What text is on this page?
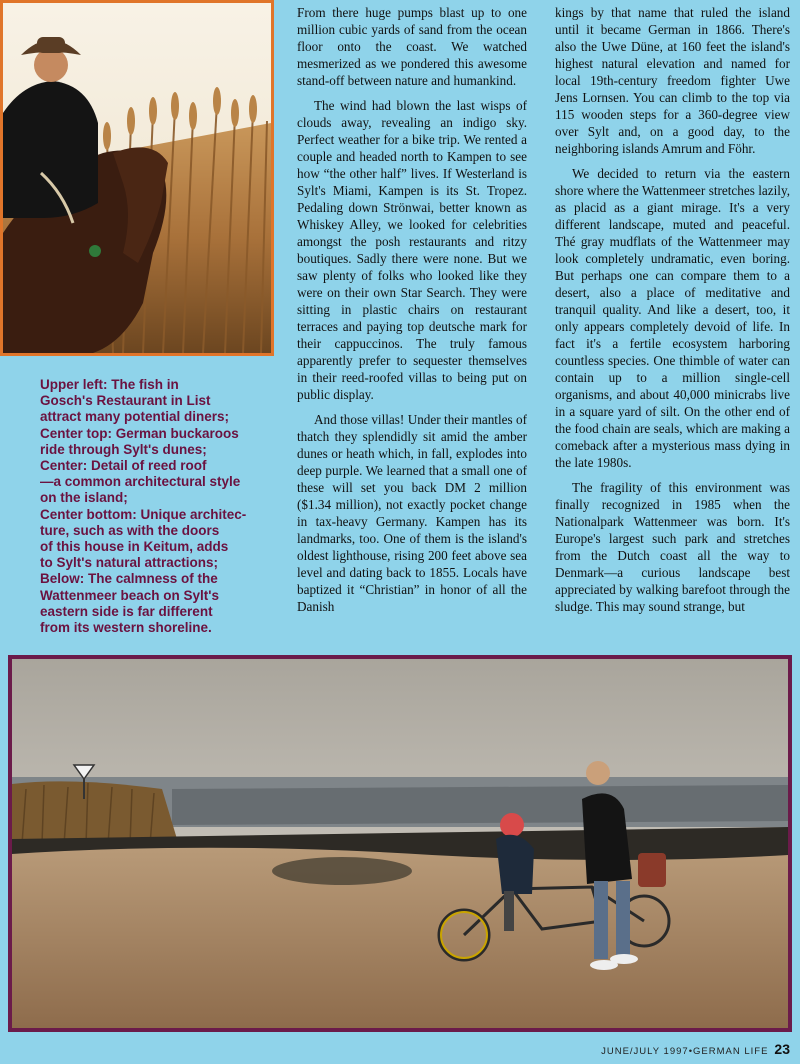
Upper left: The fish in
Gosch's Restaurant in List
attract many potential diners;
Center top: German buckaroos
ride through Sylt's dunes;
Center: Detail of reed roof
—a common architectural style
on the island;
Center bottom: Unique architec-
ture, such as with the doors
of this house in Keitum, adds
to Sylt's natural attractions;
Below: The calmness of the
Wattenmeer beach on Sylt's
eastern side is far different
from its western shoreline.

From there huge pumps blast up to one million cubic yards of sand from the ocean floor onto the coast. We watched mesmerized as we pondered this awesome stand-off between nature and humankind.

The wind had blown the last wisps of clouds away, revealing an indigo sky. Perfect weather for a bike trip. We rented a couple and headed north to Kampen to see how “the other half” lives. If Westerland is Sylt's Miami, Kampen is its St. Tropez. Pedaling down Strönwai, better known as Whiskey Alley, we looked for celebrities amongst the posh restaurants and ritzy boutiques. Sadly there were none. But we saw plenty of folks who looked like they were on their own Star Search. They were sitting in plastic chairs on restaurant terraces and paying top deutsche mark for their cappuccinos. The truly famous apparently prefer to sequester themselves in their reed-roofed villas to being put on public display.

And those villas! Under their mantles of thatch they splendidly sit amid the amber dunes or heath which, in fall, explodes into deep purple. We learned that a small one of these will set you back DM 2 million ($1.34 million), not exactly pocket change in tax-heavy Germany. Kampen has its landmarks, too. One of them is the island's oldest lighthouse, rising 200 feet above sea level and dating back to 1855. Locals have baptized it “Christian” in honor of all the Danish

kings by that name that ruled the island until it became German in 1866. There's also the Uwe Düne, at 160 feet the island's highest natural elevation and named for local 19th-century freedom fighter Uwe Jens Lornsen. You can climb to the top via 115 wooden steps for a 360-degree view over Sylt and, on a good day, to the neighboring islands Amrum and Föhr.

We decided to return via the eastern shore where the Wattenmeer stretches lazily, as placid as a giant mirage. It's a very different landscape, muted and peaceful. Thé gray mudflats of the Wattenmeer may look completely undramatic, even boring. But perhaps one can compare them to a desert, also a place of meditative and tranquil quality. And like a desert, too, it only appears completely devoid of life. In fact it's a fertile ecosystem harboring countless species. One thimble of water can contain up to a million single-cell organisms, and about 40,000 minicrabs live in a square yard of silt. On the other end of the food chain are seals, which are making a comeback after a mysterious mass dying in the late 1980s.

The fragility of this environment was finally recognized in 1985 when the Nationalpark Wattenmeer was born. It's Europe's largest such park and stretches from the Dutch coast all the way to Denmark—a curious landscape best appreciated by walking barefoot through the sludge. This may sound strange, but

JUNE/JULY 1997•GERMAN LIFE 23
